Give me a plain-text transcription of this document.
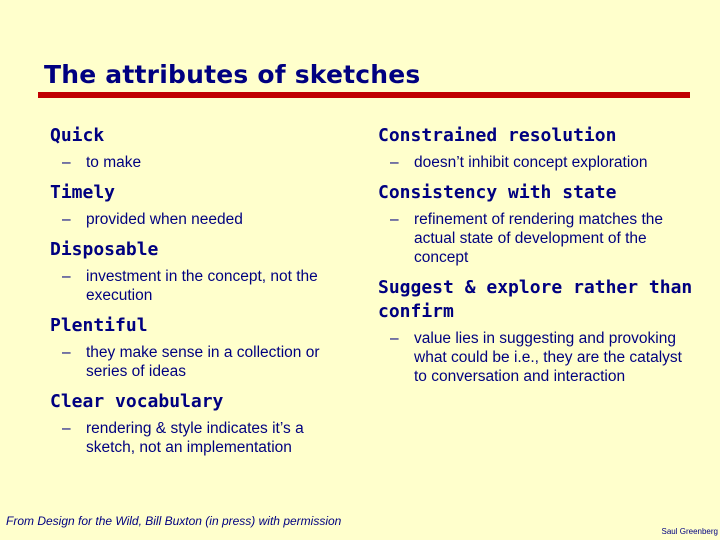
The attributes of sketches
Quick
– to make
Timely
– provided when needed
Disposable
– investment in the concept, not the execution
Plentiful
– they make sense in a collection or series of ideas
Clear vocabulary
– rendering & style indicates it’s a sketch, not an implementation
Constrained resolution
– doesn’t inhibit concept exploration
Consistency with state
– refinement of rendering matches the actual state of development of the concept
Suggest & explore rather than confirm
– value lies in suggesting and provoking what could be i.e., they are the catalyst to conversation and interaction
From Design for the Wild, Bill Buxton (in press) with permission
Saul Greenberg
